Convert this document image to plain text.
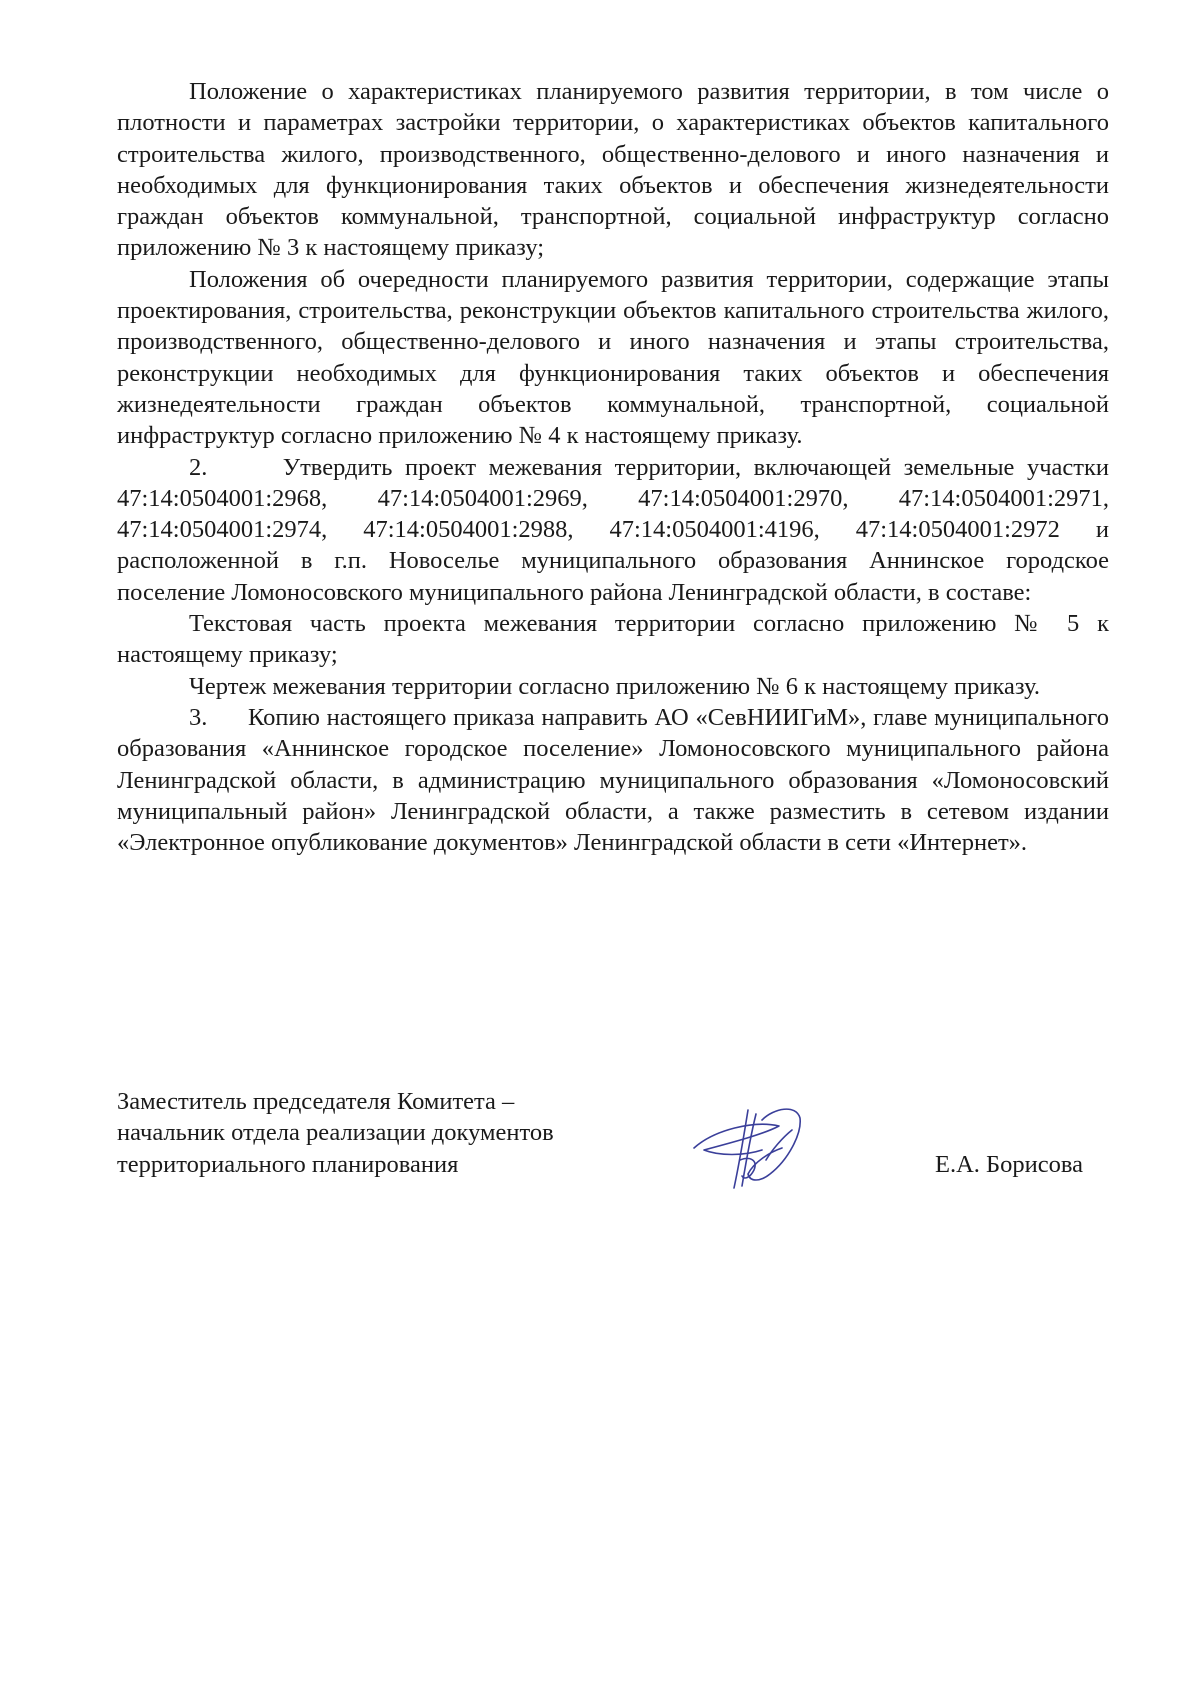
Положение о характеристиках планируемого развития территории, в том числе о плотности и параметрах застройки территории, о характеристиках объектов капитального строительства жилого, производственного, общественно-делового и иного назначения и необходимых для функционирования таких объектов и обеспечения жизнедеятельности граждан объектов коммунальной, транспортной, социальной инфраструктур согласно приложению № 3 к настоящему приказу;

Положения об очередности планируемого развития территории, содержащие этапы проектирования, строительства, реконструкции объектов капитального строительства жилого, производственного, общественно-делового и иного назначения и этапы строительства, реконструкции необходимых для функционирования таких объектов и обеспечения жизнедеятельности граждан объектов коммунальной, транспортной, социальной инфраструктур согласно приложению № 4 к настоящему приказу.

2.	Утвердить проект межевания территории, включающей земельные участки 47:14:0504001:2968, 47:14:0504001:2969, 47:14:0504001:2970, 47:14:0504001:2971, 47:14:0504001:2974, 47:14:0504001:2988, 47:14:0504001:4196, 47:14:0504001:2972 и расположенной в г.п. Новоселье муниципального образования Аннинское городское поселение Ломоносовского муниципального района Ленинградской области, в составе:

Текстовая часть проекта межевания территории согласно приложению № 5 к настоящему приказу;

Чертеж межевания территории согласно приложению № 6 к настоящему приказу.

3. Копию настоящего приказа направить АО «СевНИИГиМ», главе муниципального образования «Аннинское городское поселение» Ломоносовского муниципального района Ленинградской области, в администрацию муниципального образования «Ломоносовский муниципальный район» Ленинградской области, а также разместить в сетевом издании «Электронное опубликование документов» Ленинградской области в сети «Интернет».

Заместитель председателя Комитета –
начальник отдела реализации документов
территориального планирования	Е.А. Борисова
